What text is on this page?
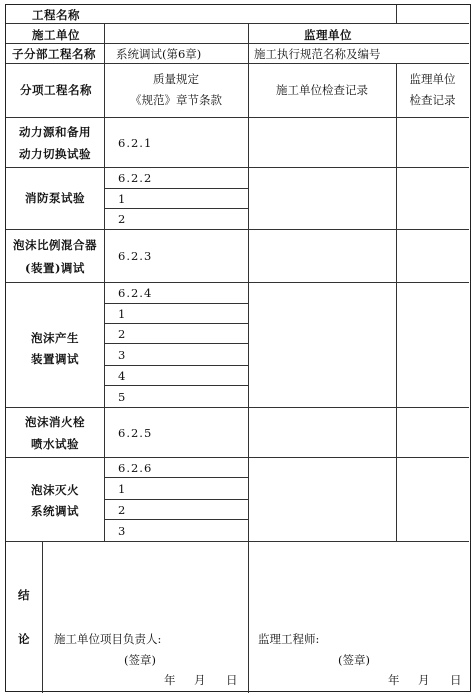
工程名称
施工单位	监理单位
子分部工程名称 系统调试(第6章)	施工执行规范名称及编号
分项工程名称
质量规定
《规范》章节条款
施工单位检查记录
监理单位
检查记录
动力源和备用
动力切换试验
6.2.1
消防泵试验
6.2.2
1
2
泡沫比例混合器
(装置)调试
6.2.3
泡沫产生
装置调试
6.2.4
1
2
3
4
5
泡沫消火栓
喷水试验
6.2.5
泡沫灭火
系统调试
6.2.6
1
2
3
结
论 施工单位项目负责人:
(签章)
年 月 日
监理工程师:
(签章)
年 月 日
